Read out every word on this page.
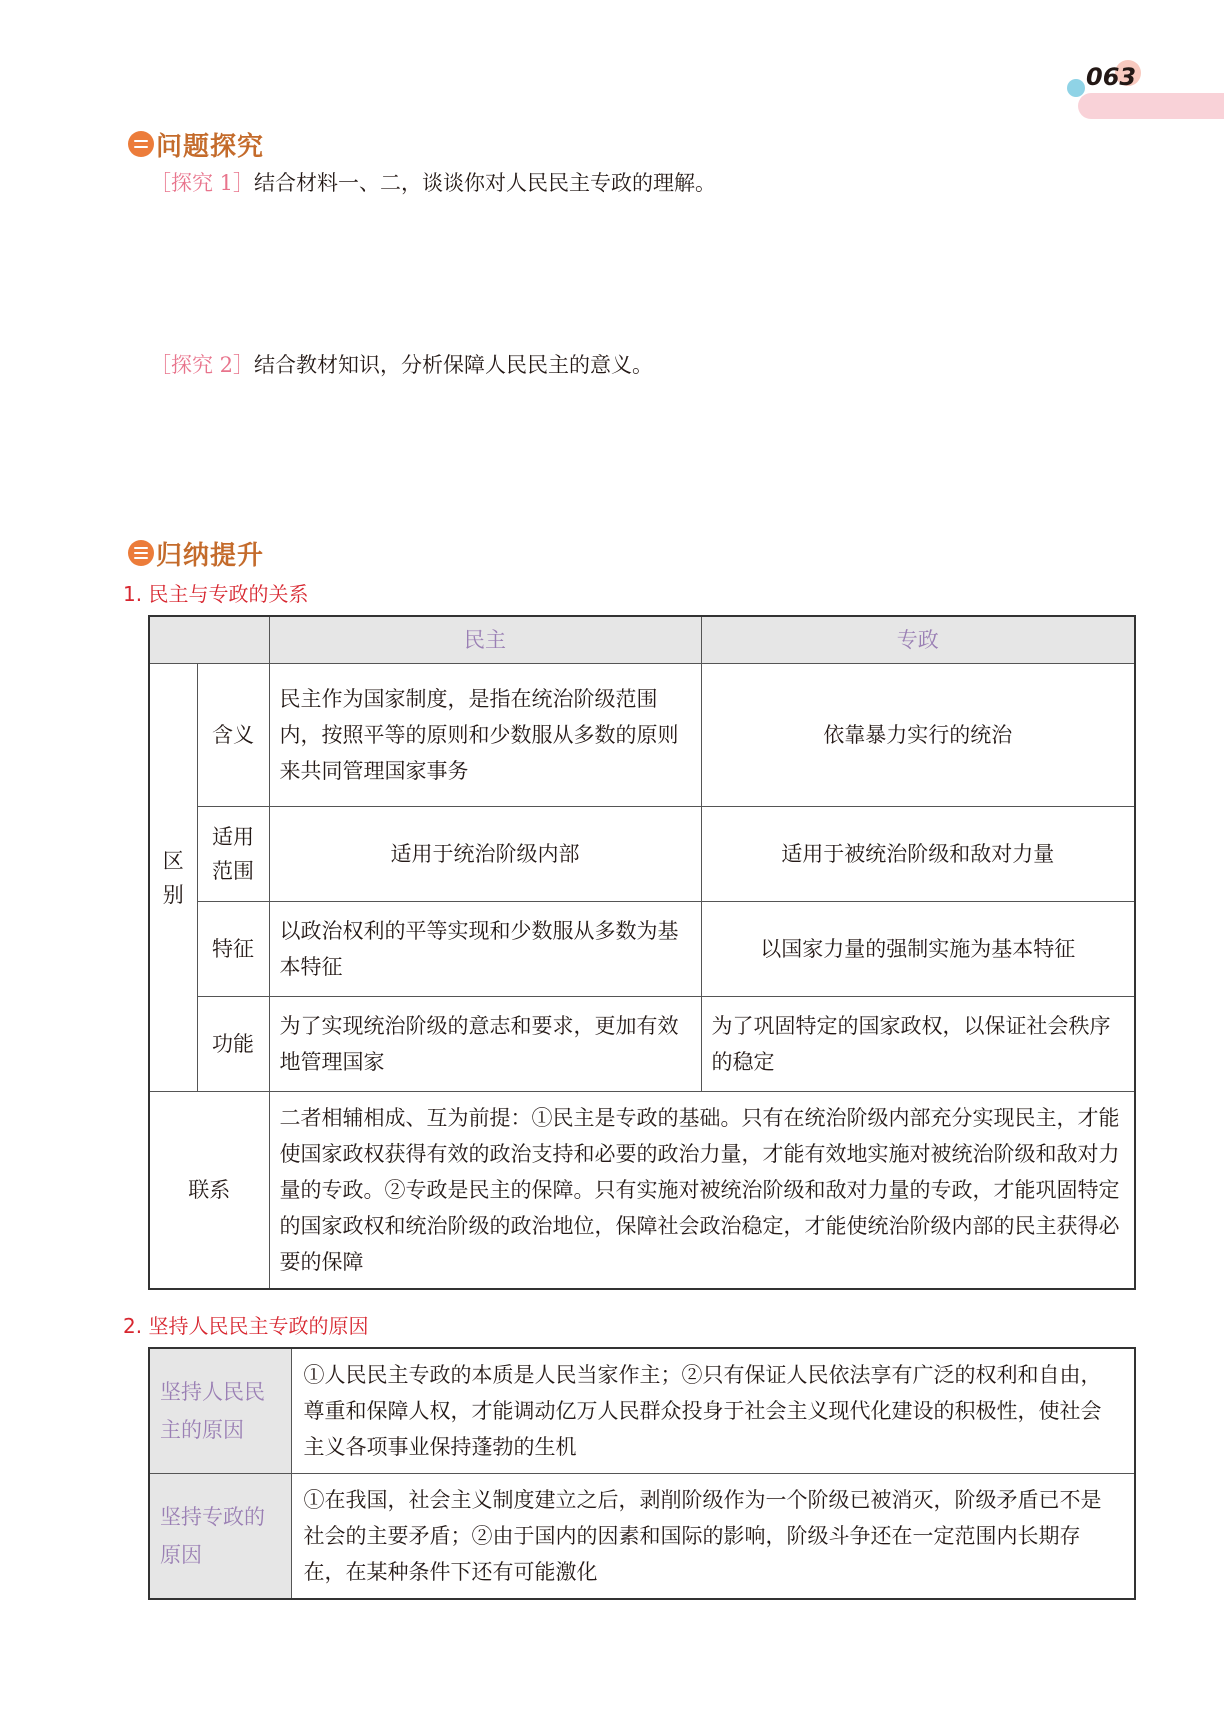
063
问题探究
［探究 1］结合材料一、二，谈谈你对人民民主专政的理解。
［探究 2］结合教材知识，分析保障人民民主的意义。
归纳提升
1. 民主与专政的关系
		民主	专政
区别	含义	民主作为国家制度，是指在统治阶级范围内，按照平等的原则和少数服从多数的原则来共同管理国家事务	依靠暴力实行的统治
	适用范围	适用于统治阶级内部	适用于被统治阶级和敌对力量
	特征	以政治权利的平等实现和少数服从多数为基本特征	以国家力量的强制实施为基本特征
	功能	为了实现统治阶级的意志和要求，更加有效地管理国家	为了巩固特定的国家政权，以保证社会秩序的稳定
联系		二者相辅相成、互为前提：①民主是专政的基础。只有在统治阶级内部充分实现民主，才能使国家政权获得有效的政治支持和必要的政治力量，才能有效地实施对被统治阶级和敌对力量的专政。②专政是民主的保障。只有实施对被统治阶级和敌对力量的专政，才能巩固特定的国家政权和统治阶级的政治地位，保障社会政治稳定，才能使统治阶级内部的民主获得必要的保障	
2. 坚持人民民主专政的原因
坚持人民民主的原因	①人民民主专政的本质是人民当家作主；②只有保证人民依法享有广泛的权利和自由，尊重和保障人权，才能调动亿万人民群众投身于社会主义现代化建设的积极性，使社会主义各项事业保持蓬勃的生机
坚持专政的原因	①在我国，社会主义制度建立之后，剥削阶级作为一个阶级已被消灭，阶级矛盾已不是社会的主要矛盾；②由于国内的因素和国际的影响，阶级斗争还在一定范围内长期存在，在某种条件下还有可能激化
